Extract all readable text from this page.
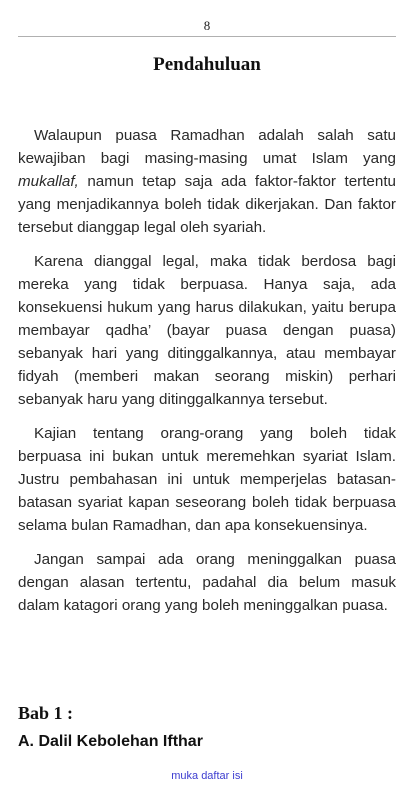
8
Pendahuluan

Walaupun puasa Ramadhan adalah salah satu kewajiban bagi masing-masing umat Islam yang mukallaf, namun tetap saja ada faktor-faktor tertentu yang menjadikannya boleh tidak dikerjakan. Dan faktor tersebut dianggap legal oleh syariah.

Karena dianggal legal, maka tidak berdosa bagi mereka yang tidak berpuasa. Hanya saja, ada konsekuensi hukum yang harus dilakukan, yaitu berupa membayar qadha’ (bayar puasa dengan puasa) sebanyak hari yang ditinggalkannya, atau membayar fidyah (memberi makan seorang miskin) perhari sebanyak haru yang ditinggalkannya tersebut.

Kajian tentang orang-orang yang boleh tidak berpuasa ini bukan untuk meremehkan syariat Islam. Justru pembahasan ini untuk memperjelas batasan-batasan syariat kapan seseorang boleh tidak berpuasa selama bulan Ramadhan, dan apa konsekuensinya.

Jangan sampai ada orang meninggalkan puasa dengan alasan tertentu, padahal dia belum masuk dalam katagori orang yang boleh meninggalkan puasa.

Bab 1 :
A. Dalil Kebolehan Ifthar
muka daftar isi
